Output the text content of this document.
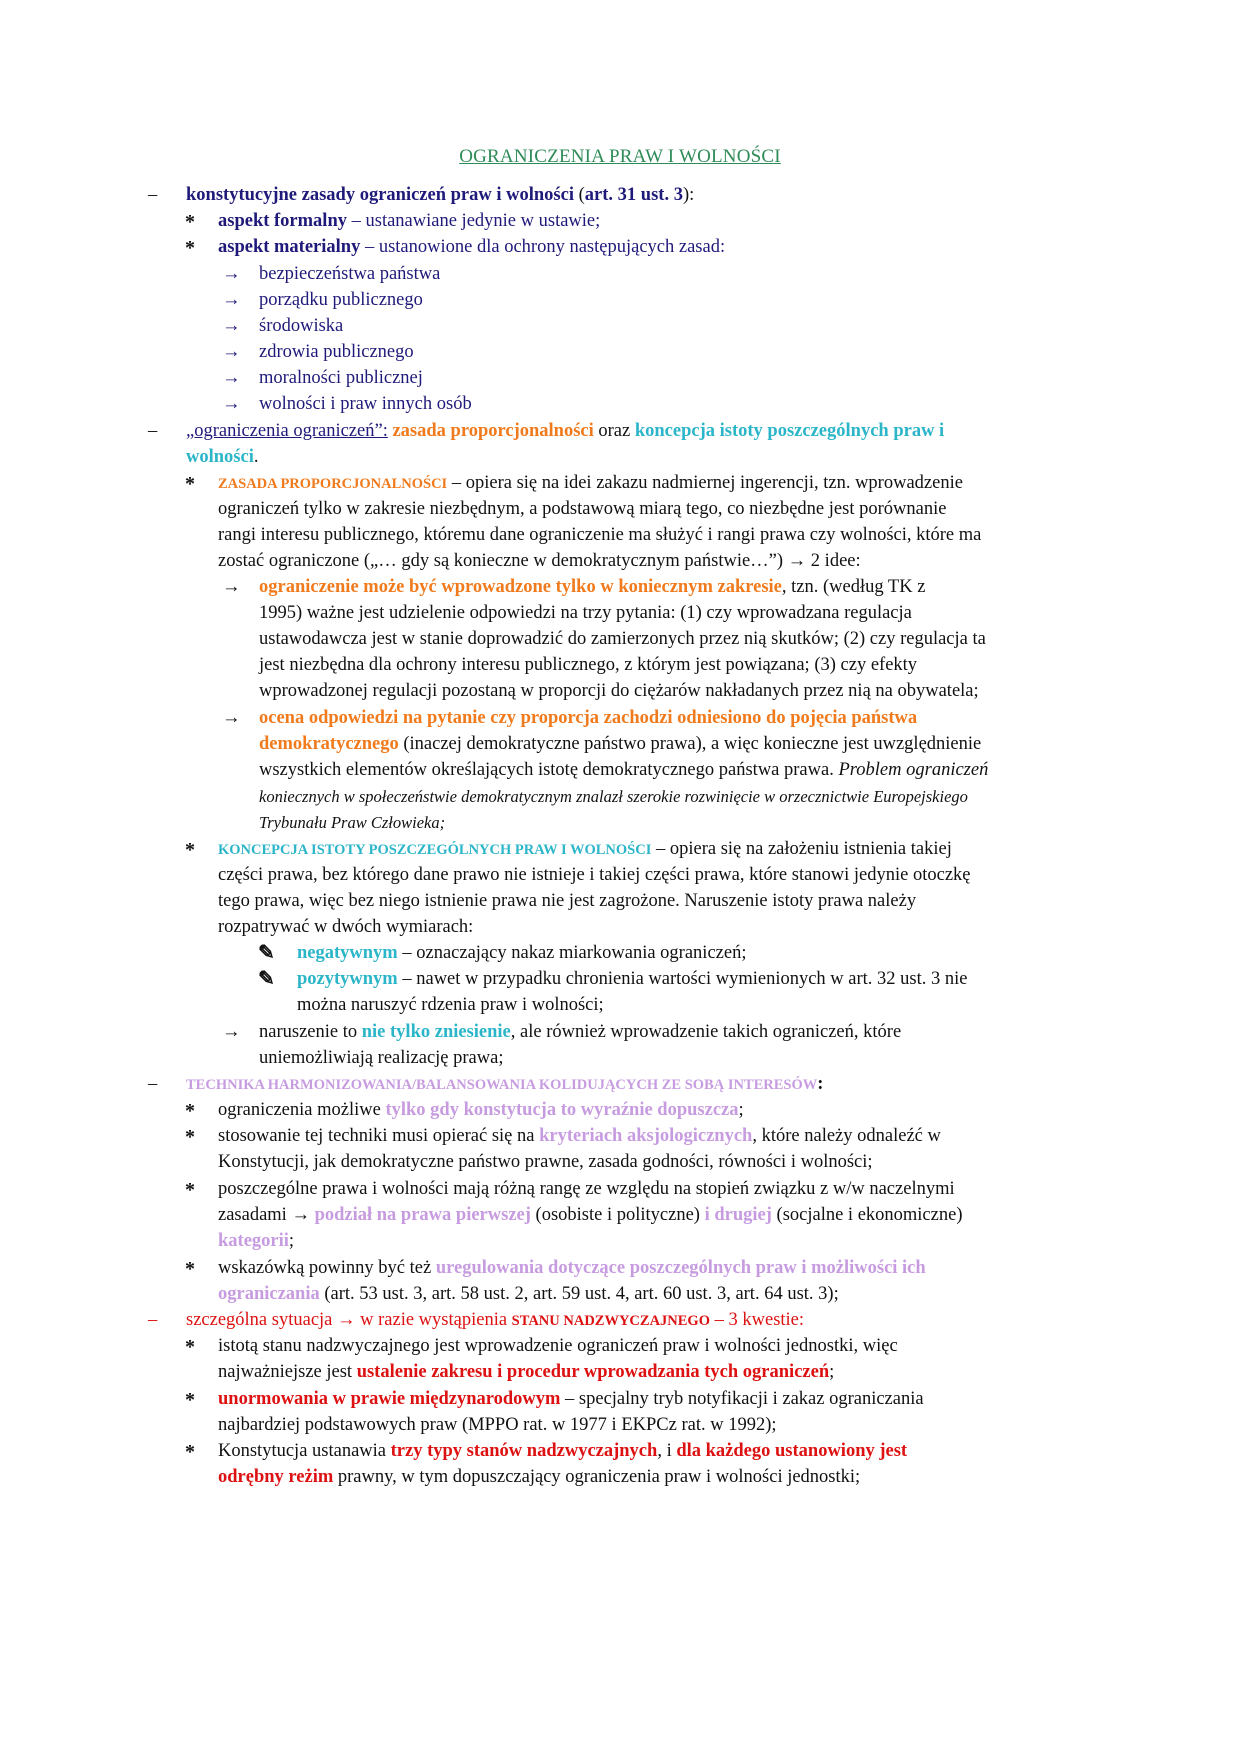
OGRANICZENIA PRAW I WOLNOŚCI
– konstytucyjne zasady ograniczeń praw i wolności (art. 31 ust. 3):
* aspekt formalny – ustanawiane jedynie w ustawie;
* aspekt materialny – ustanowione dla ochrony następujących zasad:
→ bezpieczeństwa państwa
→ porządku publicznego
→ środowiska
→ zdrowia publicznego
→ moralności publicznej
→ wolności i praw innych osób
– „ograniczenia ograniczeń”: zasada proporcjonalności oraz koncepcja istoty poszczególnych praw i
wolności.
* ZASADA PROPORCJONALNOŚCI – opiera się na idei zakazu nadmiernej ingerencji, tzn. wprowadzenie
ograniczeń tylko w zakresie niezbędnym, a podstawową miarą tego, co niezbędne jest porównanie
rangi interesu publicznego, któremu dane ograniczenie ma służyć i rangi prawa czy wolności, które ma
zostać ograniczone („… gdy są konieczne w demokratycznym państwie…”) → 2 idee:
→ ograniczenie może być wprowadzone tylko w koniecznym zakresie, tzn. (według TK z
1995) ważne jest udzielenie odpowiedzi na trzy pytania: (1) czy wprowadzana regulacja
ustawodawcza jest w stanie doprowadzić do zamierzonych przez nią skutków; (2) czy regulacja ta
jest niezbędna dla ochrony interesu publicznego, z którym jest powiązana; (3) czy efekty
wprowadzonej regulacji pozostaną w proporcji do ciężarów nakładanych przez nią na obywatela;
→ ocena odpowiedzi na pytanie czy proporcja zachodzi odniesiono do pojęcia państwa
demokratycznego (inaczej demokratyczne państwo prawa), a więc konieczne jest uwzględnienie
wszystkich elementów określających istotę demokratycznego państwa prawa. Problem ograniczeń
koniecznych w społeczeństwie demokratycznym znalazł szerokie rozwinięcie w orzecznictwie Europejskiego
Trybunału Praw Człowieka;
* KONCEPCJA ISTOTY POSZCZEGÓLNYCH PRAW I WOLNOŚCI – opiera się na założeniu istnienia takiej
części prawa, bez którego dane prawo nie istnieje i takiej części prawa, które stanowi jedynie otoczkę
tego prawa, więc bez niego istnienie prawa nie jest zagrożone. Naruszenie istoty prawa należy
rozpatrywać w dwóch wymiarach:
✎ negatywnym – oznaczający nakaz miarkowania ograniczeń;
✎ pozytywnym – nawet w przypadku chronienia wartości wymienionych w art. 32 ust. 3 nie
można naruszyć rdzenia praw i wolności;
→ naruszenie to nie tylko zniesienie, ale również wprowadzenie takich ograniczeń, które
uniemożliwiają realizację prawa;
– TECHNIKA HARMONIZOWANIA/BALANSOWANIA KOLIDUJĄCYCH ZE SOBĄ INTERESÓW:
* ograniczenia możliwe tylko gdy konstytucja to wyraźnie dopuszcza;
* stosowanie tej techniki musi opierać się na kryteriach aksjologicznych, które należy odnaleźć w
Konstytucji, jak demokratyczne państwo prawne, zasada godności, równości i wolności;
* poszczególne prawa i wolności mają różną rangę ze względu na stopień związku z w/w naczelnymi
zasadami → podział na prawa pierwszej (osobiste i polityczne) i drugiej (socjalne i ekonomiczne)
kategorii;
* wskazówką powinny być też uregulowania dotyczące poszczególnych praw i możliwości ich
ograniczania (art. 53 ust. 3, art. 58 ust. 2, art. 59 ust. 4, art. 60 ust. 3, art. 64 ust. 3);
– szczególna sytuacja → w razie wystąpienia STANU NADZWYCZAJNEGO – 3 kwestie:
* istotą stanu nadzwyczajnego jest wprowadzenie ograniczeń praw i wolności jednostki, więc
najważniejsze jest ustalenie zakresu i procedur wprowadzania tych ograniczeń;
* unormowania w prawie międzynarodowym – specjalny tryb notyfikacji i zakaz ograniczania
najbardziej podstawowych praw (MPPO rat. w 1977 i EKPCz rat. w 1992);
* Konstytucja ustanawia trzy typy stanów nadzwyczajnych, i dla każdego ustanowiony jest
odrębny reżim prawny, w tym dopuszczający ograniczenia praw i wolności jednostki;
